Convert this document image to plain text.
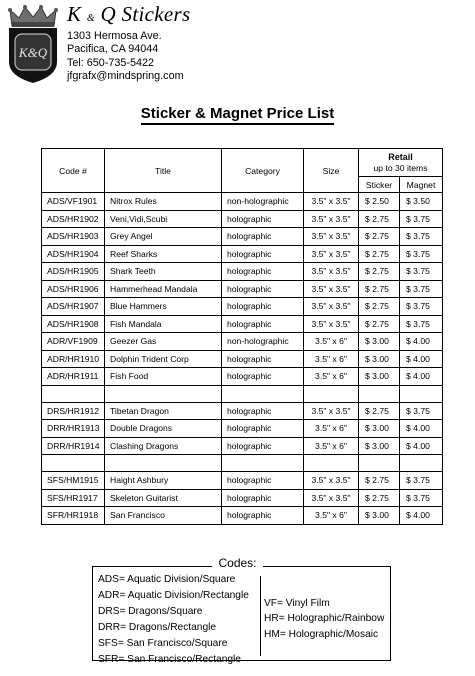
K&Q
K & Q Stickers
1303 Hermosa Ave.
Pacifica, CA 94044
Tel: 650-735-5422
jfgrafx@mindspring.com
Sticker & Magnet Price List
Code #	Title	Category	Size	Retail
up to 30 items	

				Sticker	Magnet
ADS/VF1901	Nitrox Rules	non-holographic	3.5" x 3.5"	$ 2.50	$ 3.50
ADS/HR1902	Veni,Vidi,Scubi	holographic	3.5" x 3.5"	$ 2.75	$ 3.75
ADS/HR1903	Grey Angel	holographic	3.5" x 3.5"	$ 2.75	$ 3.75
ADS/HR1904	Reef Sharks	holographic	3.5" x 3.5"	$ 2.75	$ 3.75
ADS/HR1905	Shark Teeth	holographic	3.5" x 3.5"	$ 2.75	$ 3.75
ADS/HR1906	Hammerhead Mandala	holographic	3.5" x 3.5"	$ 2.75	$ 3.75
ADS/HR1907	Blue Hammers	holographic	3.5" x 3.5"	$ 2.75	$ 3.75
ADS/HR1908	Fish Mandala	holographic	3.5" x 3.5"	$ 2.75	$ 3.75
ADR/VF1909	Geezer Gas	non-holographic	3.5" x 6"	$ 3.00	$ 4.00
ADR/HR1910	Dolphin Trident Corp	holographic	3.5" x 6"	$ 3.00	$ 4.00
ADR/HR1911	Fish Food	holographic	3.5" x 6"	$ 3.00	$ 4.00

DRS/HR1912	Tibetan Dragon	holographic	3.5" x 3.5"	$ 2.75	$ 3.75
DRR/HR1913	Double Dragons	holographic	3.5" x 6"	$ 3.00	$ 4.00
DRR/HR1914	Clashing Dragons	holographic	3.5" x 6"	$ 3.00	$ 4.00

SFS/HM1915	Haight Ashbury	holographic	3.5" x 3.5"	$ 2.75	$ 3.75
SFS/HR1917	Skeleton Guitarist	holographic	3.5" x 3.5"	$ 2.75	$ 3.75
SFR/HR1918	San Francisco	holographic	3.5" x 6"	$ 3.00	$ 4.00
Codes:
ADS= Aquatic Division/Square
ADR= Aquatic Division/Rectangle
DRS= Dragons/Square
DRR= Dragons/Rectangle
SFS= San Francisco/Square
SFR= San Francisco/Rectangle
VF= Vinyl Film
HR= Holographic/Rainbow
HM= Holographic/Mosaic
